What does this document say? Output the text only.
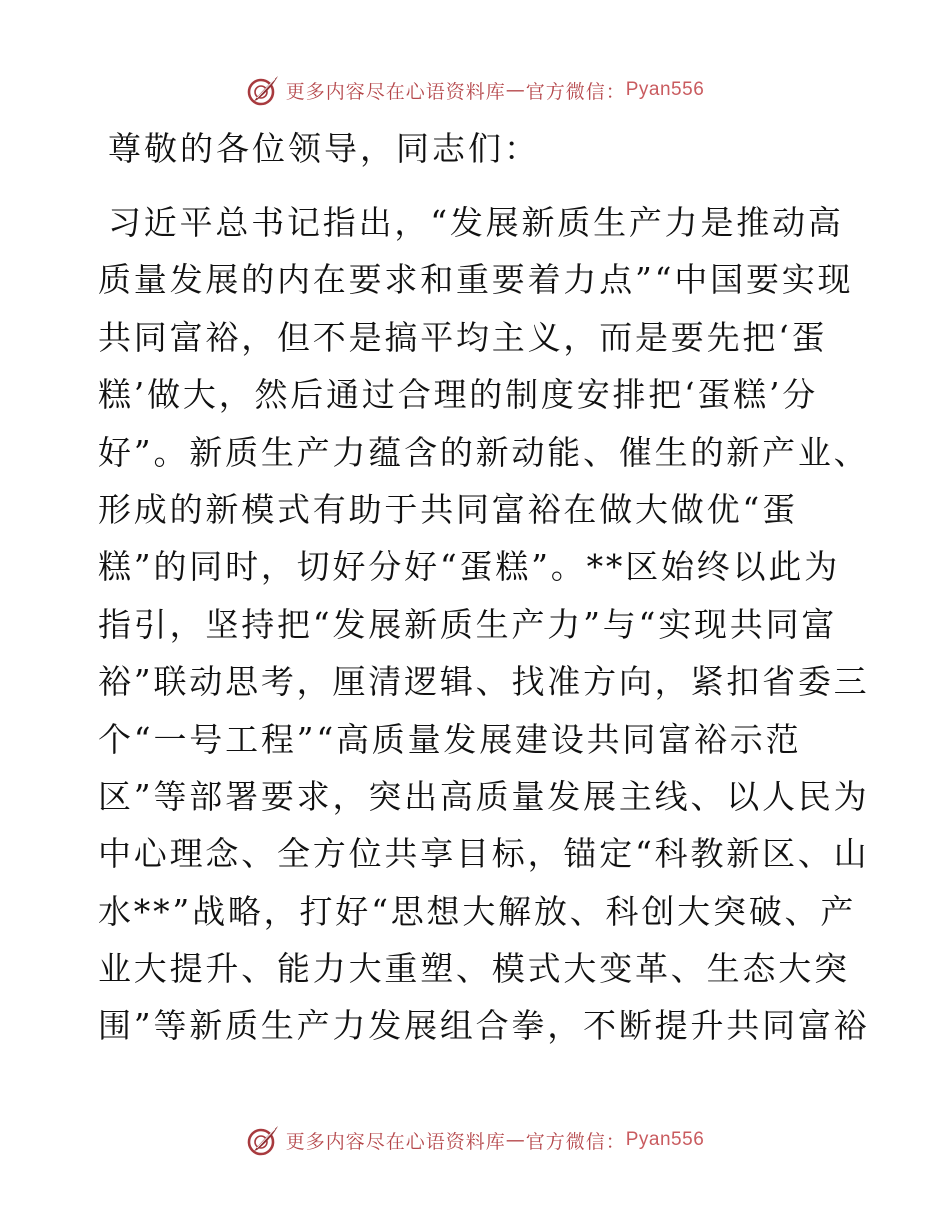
更多内容尽在心语资料库 — 官方微信： Pyan556
尊敬的各位领导，同志们：
习近平总书记指出，“发展新质生产力是推动高
质量发展的内在要求和重要着力点”“中国要实现
共同富裕，但不是搞平均主义，而是要先把‘蛋
糕’做大，然后通过合理的制度安排把‘蛋糕’分
好”。新质生产力蕴含的新动能、催生的新产业、
形成的新模式有助于共同富裕在做大做优“蛋
糕”的同时，切好分好“蛋糕”。**区始终以此为
指引，坚持把“发展新质生产力”与“实现共同富
裕”联动思考，厘清逻辑、找准方向，紧扣省委三
个“一号工程”“高质量发展建设共同富裕示范
区”等部署要求，突出高质量发展主线、以人民为
中心理念、全方位共享目标，锚定“科教新区、山
水**”战略，打好“思想大解放、科创大突破、产
业大提升、能力大重塑、模式大变革、生态大突
围”等新质生产力发展组合拳，不断提升共同富裕
更多内容尽在心语资料库 — 官方微信： Pyan556
